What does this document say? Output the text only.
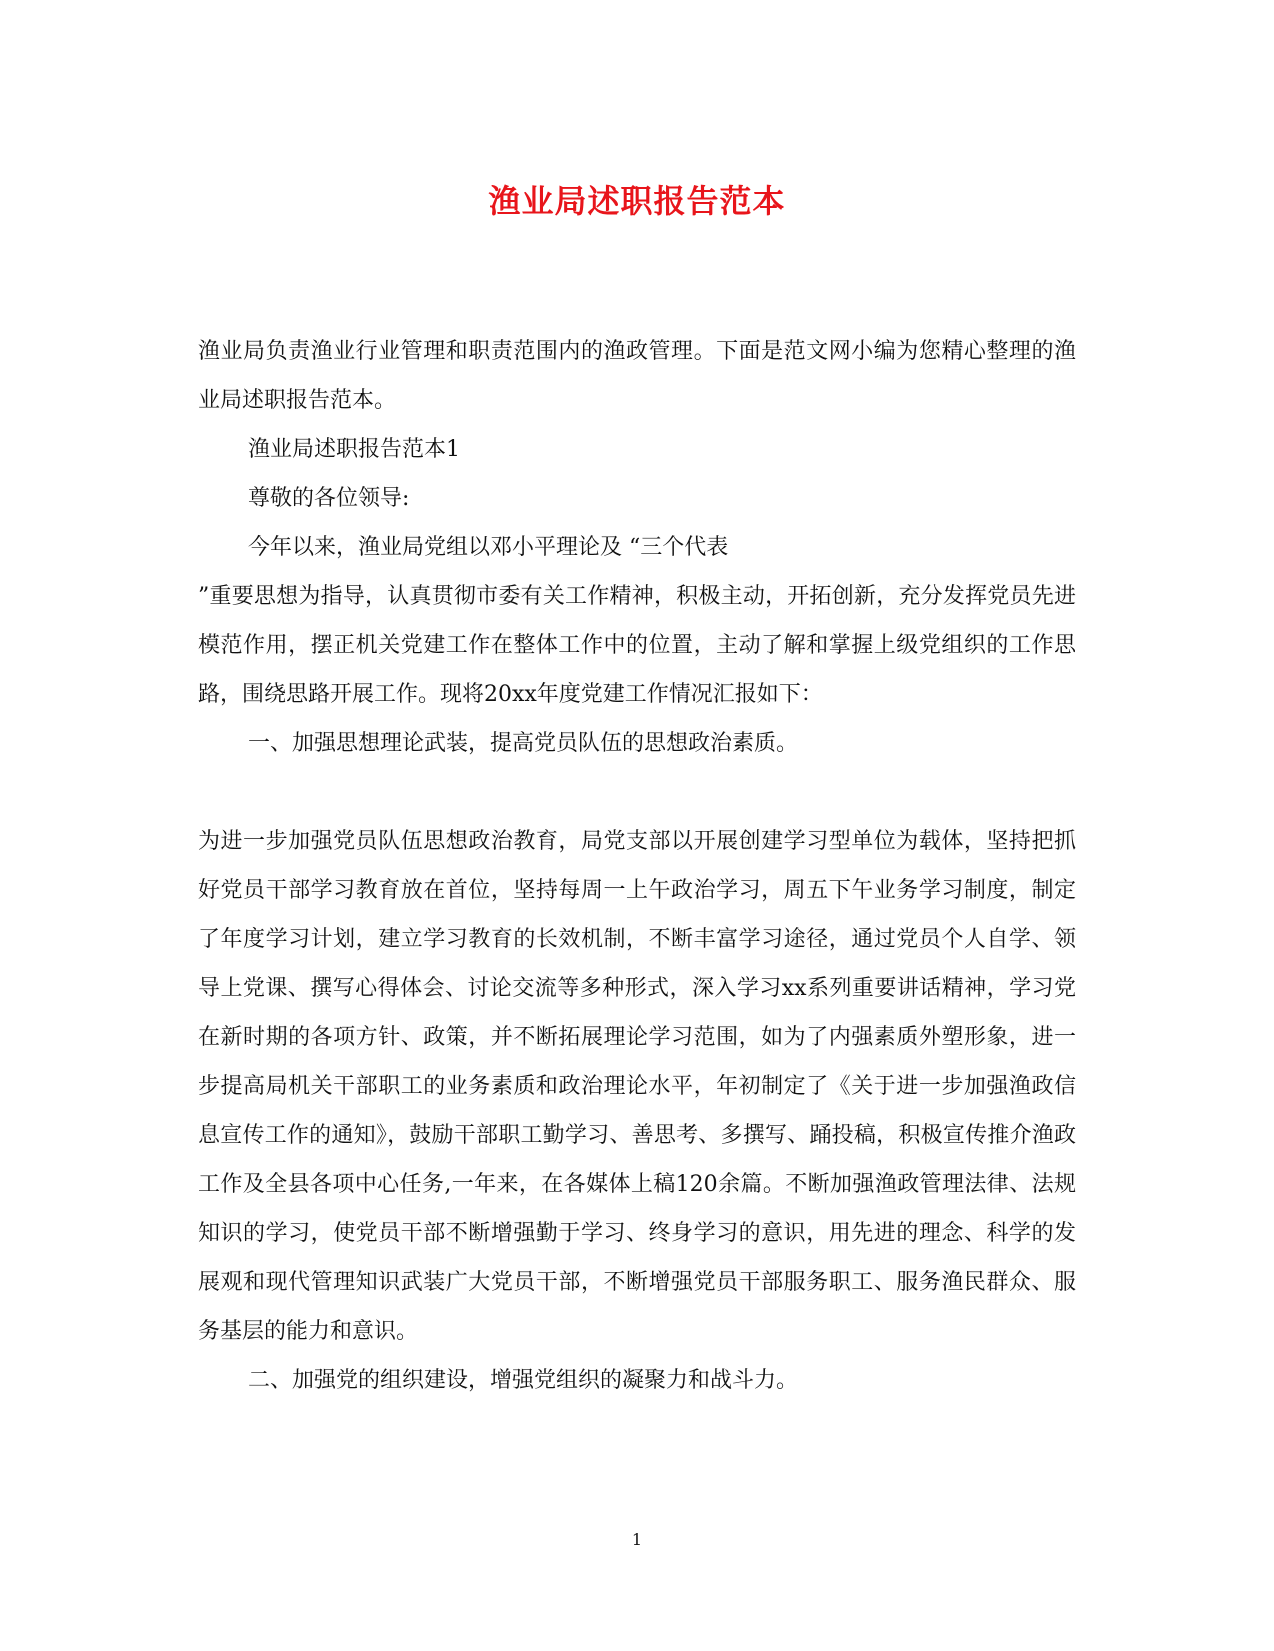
渔业局述职报告范本

渔业局负责渔业行业管理和职责范围内的渔政管理。下面是范文网小编为您精心整理的渔业局述职报告范本。

渔业局述职报告范本1

尊敬的各位领导:

今年以来，渔业局党组以邓小平理论及 “三个代表

”重要思想为指导，认真贯彻市委有关工作精神，积极主动，开拓创新，充分发挥党员先进模范作用，摆正机关党建工作在整体工作中的位置，主动了解和掌握上级党组织的工作思路，围绕思路开展工作。现将20xx年度党建工作情况汇报如下：

一、加强思想理论武装，提高党员队伍的思想政治素质。

为进一步加强党员队伍思想政治教育，局党支部以开展创建学习型单位为载体，坚持把抓好党员干部学习教育放在首位，坚持每周一上午政治学习，周五下午业务学习制度，制定了年度学习计划，建立学习教育的长效机制，不断丰富学习途径，通过党员个人自学、领导上党课、撰写心得体会、讨论交流等多种形式，深入学习xx系列重要讲话精神，学习党在新时期的各项方针、政策，并不断拓展理论学习范围，如为了内强素质外塑形象，进一步提高局机关干部职工的业务素质和政治理论水平，年初制定了《关于进一步加强渔政信息宣传工作的通知》，鼓励干部职工勤学习、善思考、多撰写、踊投稿，积极宣传推介渔政工作及全县各项中心任务,一年来，在各媒体上稿120余篇。不断加强渔政管理法律、法规知识的学习，使党员干部不断增强勤于学习、终身学习的意识，用先进的理念、科学的发展观和现代管理知识武装广大党员干部，不断增强党员干部服务职工、服务渔民群众、服务基层的能力和意识。

二、加强党的组织建设，增强党组织的凝聚力和战斗力。

1
